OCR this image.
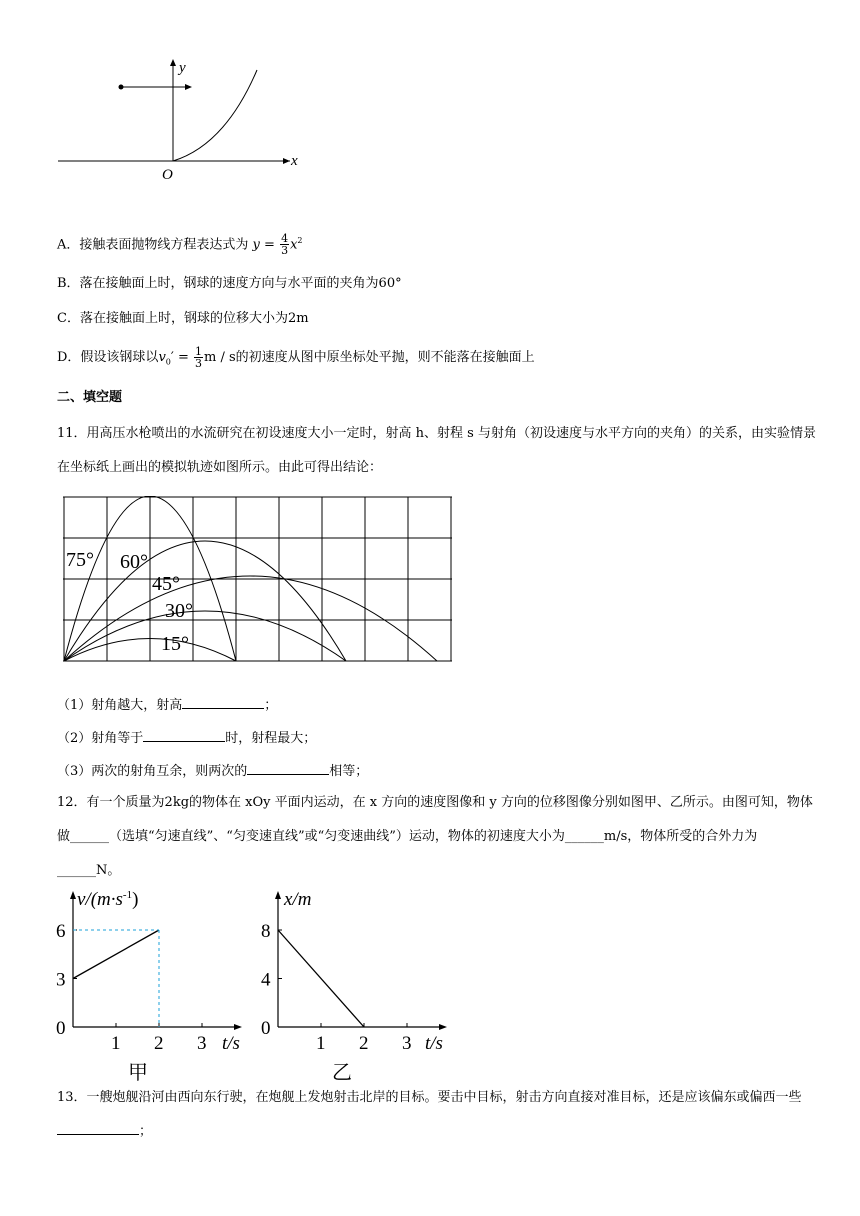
y
x
O
A．接触表面抛物线方程表达式为 $y = \frac{4}{3} x^2$
B．落在接触面上时，钢球的速度方向与水平面的夹角为60°
C．落在接触面上时，钢球的位移大小为2m
D．假设该钢球以$v_0' = \frac{1}{3}$ m / s的初速度从图中原坐标处平抛，则不能落在接触面上
二、填空题
11．用高压水枪喷出的水流研究在初设速度大小一定时，射高 h、射程 s 与射角（初设速度与水平方向的夹角）的关系，由实验情景在坐标纸上画出的模拟轨迹如图所示。由此可得出结论：
75° 60°
45°
30°
15°
（1）射角越大，射高	；
（2）射角等于	时，射程最大；
（3）两次的射角互余，则两次的	相等；
12．有一个质量为2kg的物体在 xOy 平面内运动，在 x 方向的速度图像和 y 方向的位移图像分别如图甲、乙所示。由图可知，物体做______（选填“匀速直线”、“匀变速直线”或“匀变速曲线”）运动，物体的初速度大小为______m/s，物体所受的合外力为______N。
1 2 3
6
3
0
$v/(m\cdot s^{-1})$
t/s
甲
1 2 3
8
4
0
x/m
t/s
乙
13．一艘炮舰沿河由西向东行驶，在炮舰上发炮射击北岸的目标。要击中目标，射击方向直接对准目标，还是应该偏东或偏西一些；
